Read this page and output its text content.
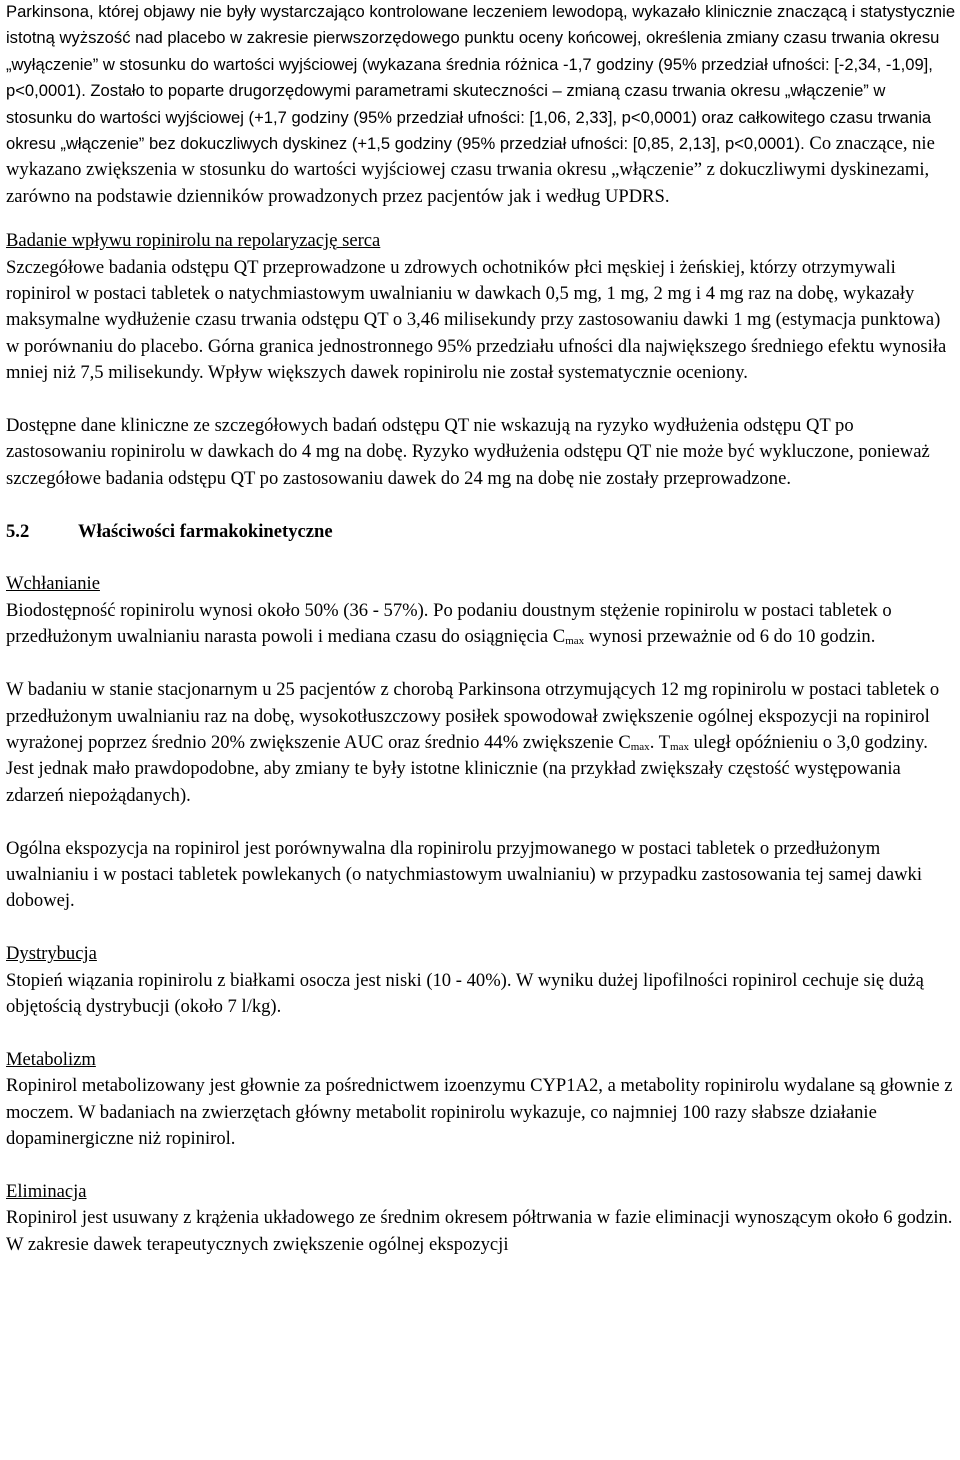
Parkinsona, której objawy nie były wystarczająco kontrolowane leczeniem lewodopą, wykazało klinicznie znaczącą i statystycznie istotną wyższość nad placebo w zakresie pierwszorzędowego punktu oceny końcowej, określenia zmiany czasu trwania okresu „wyłączenie” w stosunku do wartości wyjściowej (wykazana średnia różnica -1,7 godziny (95% przedział ufności: [-2,34, -1,09], p<0,0001). Zostało to poparte drugorzędowymi parametrami skuteczności – zmianą czasu trwania okresu „włączenie” w stosunku do wartości wyjściowej (+1,7 godziny (95% przedział ufności: [1,06, 2,33], p<0,0001) oraz całkowitego czasu trwania okresu „włączenie” bez dokuczliwych dyskinez (+1,5 godziny (95% przedział ufności: [0,85, 2,13], p<0,0001). Co znaczące, nie wykazano zwiększenia w stosunku do wartości wyjściowej czasu trwania okresu „włączenie” z dokuczliwymi dyskinezami, zarówno na podstawie dzienników prowadzonych przez pacjentów jak i według UPDRS.

Badanie wpływu ropinirolu na repolaryzację serca

Szczegółowe badania odstępu QT przeprowadzone u zdrowych ochotników płci męskiej i żeńskiej, którzy otrzymywali ropinirol w postaci tabletek o natychmiastowym uwalnianiu w dawkach 0,5 mg, 1 mg, 2 mg i 4 mg raz na dobę, wykazały maksymalne wydłużenie czasu trwania odstępu QT o 3,46 milisekundy przy zastosowaniu dawki 1 mg (estymacja punktowa) w porównaniu do placebo. Górna granica jednostronnego 95% przedziału ufności dla największego średniego efektu wynosiła mniej niż 7,5 milisekundy. Wpływ większych dawek ropinirolu nie został systematycznie oceniony.

Dostępne dane kliniczne ze szczegółowych badań odstępu QT nie wskazują na ryzyko wydłużenia odstępu QT po zastosowaniu ropinirolu w dawkach do 4 mg na dobę. Ryzyko wydłużenia odstępu QT nie może być wykluczone, ponieważ szczegółowe badania odstępu QT po zastosowaniu dawek do 24 mg na dobę nie zostały przeprowadzone.

5.2	Właściwości farmakokinetyczne

Wchłanianie

Biodostępność ropinirolu wynosi około 50% (36 - 57%). Po podaniu doustnym stężenie ropinirolu w postaci tabletek o przedłużonym uwalnianiu narasta powoli i mediana czasu do osiągnięcia $C_{max}$ wynosi przeważnie od 6 do 10 godzin.

W badaniu w stanie stacjonarnym u 25 pacjentów z chorobą Parkinsona otrzymujących 12 mg ropinirolu w postaci tabletek o przedłużonym uwalnianiu raz na dobę, wysokotłuszczowy posiłek spowodował zwiększenie ogólnej ekspozycji na ropinirol wyrażonej poprzez średnio 20% zwiększenie AUC oraz średnio 44% zwiększenie $C_{max}$. $T_{max}$ uległ opóźnieniu o 3,0 godziny. Jest jednak mało prawdopodobne, aby zmiany te były istotne klinicznie (na przykład zwiększały częstość występowania zdarzeń niepożądanych).

Ogólna ekspozycja na ropinirol jest porównywalna dla ropinirolu przyjmowanego w postaci tabletek o przedłużonym uwalnianiu i w postaci tabletek powlekanych (o natychmiastowym uwalnianiu) w przypadku zastosowania tej samej dawki dobowej.

Dystrybucja

Stopień wiązania ropinirolu z białkami osocza jest niski (10 - 40%). W wyniku dużej lipofilności ropinirol cechuje się dużą objętością dystrybucji (około 7 l/kg).

Metabolizm

Ropinirol metabolizowany jest głownie za pośrednictwem izoenzymu CYP1A2, a metabolity ropinirolu wydalane są głownie z moczem. W badaniach na zwierzętach główny metabolit ropinirolu wykazuje, co najmniej 100 razy słabsze działanie dopaminergiczne niż ropinirol.

Eliminacja

Ropinirol jest usuwany z krążenia układowego ze średnim okresem półtrwania w fazie eliminacji wynoszącym około 6 godzin. W zakresie dawek terapeutycznych zwiększenie ogólnej ekspozycji
